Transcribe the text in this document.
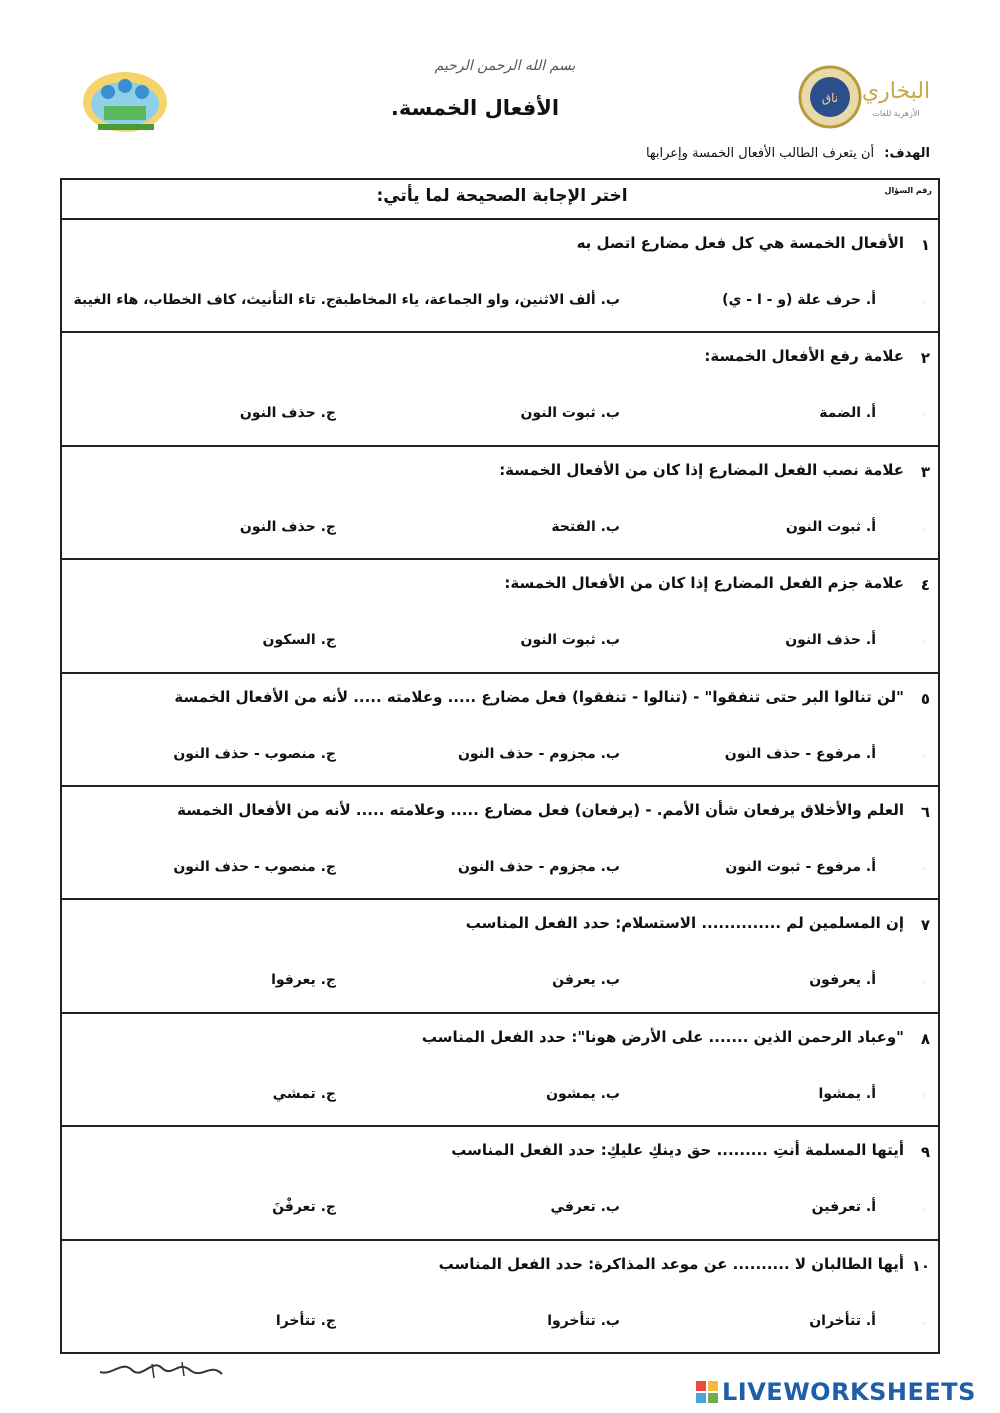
بسم الله الرحمن الرحيم
ناق البخاري
الأزهرية للغات
الأفعال الخمسة.
الهدف: أن يتعرف الطالب الأفعال الخمسة وإعرابها
رقم السؤال
اختر الإجابة الصحيحة لما يأتي:
١
الأفعال الخمسة هي كل فعل مضارع اتصل به
◦
أ. حرف علة (و - ا - ي)
ب. ألف الاثنين، واو الجماعة، ياء المخاطبة
ج. تاء التأنيث، كاف الخطاب، هاء الغيبة
٢
علامة رفع الأفعال الخمسة:
◦
أ. الضمة
ب. ثبوت النون
ج. حذف النون
٣
علامة نصب الفعل المضارع إذا كان من الأفعال الخمسة:
◦
أ. ثبوت النون
ب. الفتحة
ج. حذف النون
٤
علامة جزم الفعل المضارع إذا كان من الأفعال الخمسة:
◦
أ. حذف النون
ب. ثبوت النون
ج. السكون
٥
"لن تنالوا البر حتى تنفقوا" - (تنالوا - تنفقوا) فعل مضارع ..... وعلامته ..... لأنه من الأفعال الخمسة
◦
أ. مرفوع - حذف النون
ب. مجزوم - حذف النون
ج. منصوب - حذف النون
٦
العلم والأخلاق يرفعان شأن الأمم. - (يرفعان) فعل مضارع ..... وعلامته ..... لأنه من الأفعال الخمسة
◦
أ. مرفوع - ثبوت النون
ب. مجزوم - حذف النون
ج. منصوب - حذف النون
٧
إن المسلمين لم .............. الاستسلام: حدد الفعل المناسب
◦
أ. يعرفون
ب. يعرفن
ج. يعرفوا
٨
"وعباد الرحمن الذين ....... على الأرض هونا": حدد الفعل المناسب
◦
أ. يمشوا
ب. يمشون
ج. تمشي
٩
أيتها المسلمة أنتِ ......... حق دينكِ عليكِ: حدد الفعل المناسب
◦
أ. تعرفين
ب. تعرفي
ج. تعرفْنَ
١٠
أيها الطالبان لا .......... عن موعد المذاكرة: حدد الفعل المناسب
◦
أ. تتأخران
ب. تتأخروا
ج. تتأخرا
LIVEWORKSHEETS
